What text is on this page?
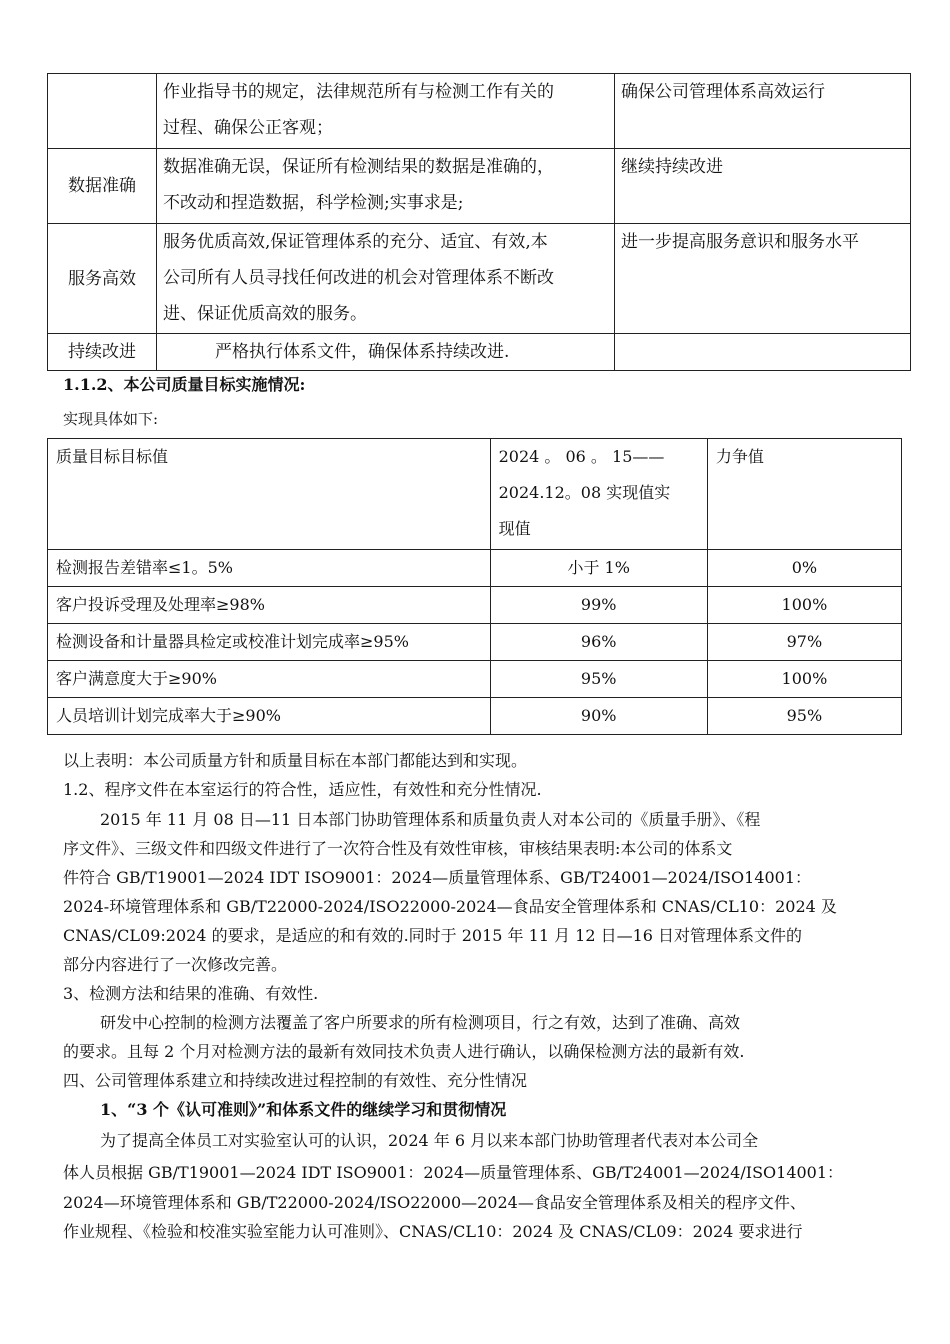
	作业指导书的规定，法律规范所有与检测工作有关的
过程、确保公正客观；	确保公司管理体系高效运行
数据准确	数据准确无误，保证所有检测结果的数据是准确的，
不改动和捏造数据，科学检测;实事求是;	继续持续改进
服务高效	服务优质高效,保证管理体系的充分、适宜、有效,本
公司所有人员寻找任何改进的机会对管理体系不断改
进、保证优质高效的服务。	进一步提高服务意识和服务水平
持续改进	严格执行体系文件，确保体系持续改进.	

1.1.2、本公司质量目标实施情况:
实现具体如下:
质量目标目标值	2024 。 06 。 15——
2024.12。08 实现值实
现值	力争值
检测报告差错率≤1。5%	小于 1%	0%
客户投诉受理及处理率≥98%	99%	100%
检测设备和计量器具检定或校准计划完成率≥95%	96%	97%
客户满意度大于≥90%	95%	100%
人员培训计划完成率大于≥90%	90%	95%
以上表明：本公司质量方针和质量目标在本部门都能达到和实现。
1.2、程序文件在本室运行的符合性，适应性，有效性和充分性情况.
2015 年 11 月 08 日—11 日本部门协助管理体系和质量负责人对本公司的《质量手册》、《程
序文件》、三级文件和四级文件进行了一次符合性及有效性审核，审核结果表明:本公司的体系文
件符合 GB/T19001—2024 IDT ISO9001：2024—质量管理体系、GB/T24001—2024/ISO14001：
2024-环境管理体系和 GB/T22000-2024/ISO22000-2024—食品安全管理体系和 CNAS/CL10：2024 及
CNAS/CL09:2024 的要求，是适应的和有效的.同时于 2015 年 11 月 12 日—16 日对管理体系文件的
部分内容进行了一次修改完善。
3、检测方法和结果的准确、有效性.
研发中心控制的检测方法覆盖了客户所要求的所有检测项目，行之有效，达到了准确、高效
的要求。且每 2 个月对检测方法的最新有效同技术负责人进行确认，以确保检测方法的最新有效.
四、公司管理体系建立和持续改进过程控制的有效性、充分性情况
1、“3 个《认可准则》”和体系文件的继续学习和贯彻情况
为了提高全体员工对实验室认可的认识，2024 年 6 月以来本部门协助管理者代表对本公司全
体人员根据 GB/T19001—2024 IDT ISO9001：2024—质量管理体系、GB/T24001—2024/ISO14001：
2024—环境管理体系和 GB/T22000-2024/ISO22000—2024—食品安全管理体系及相关的程序文件、
作业规程、《检验和校准实验室能力认可准则》、CNAS/CL10：2024 及 CNAS/CL09：2024 要求进行
